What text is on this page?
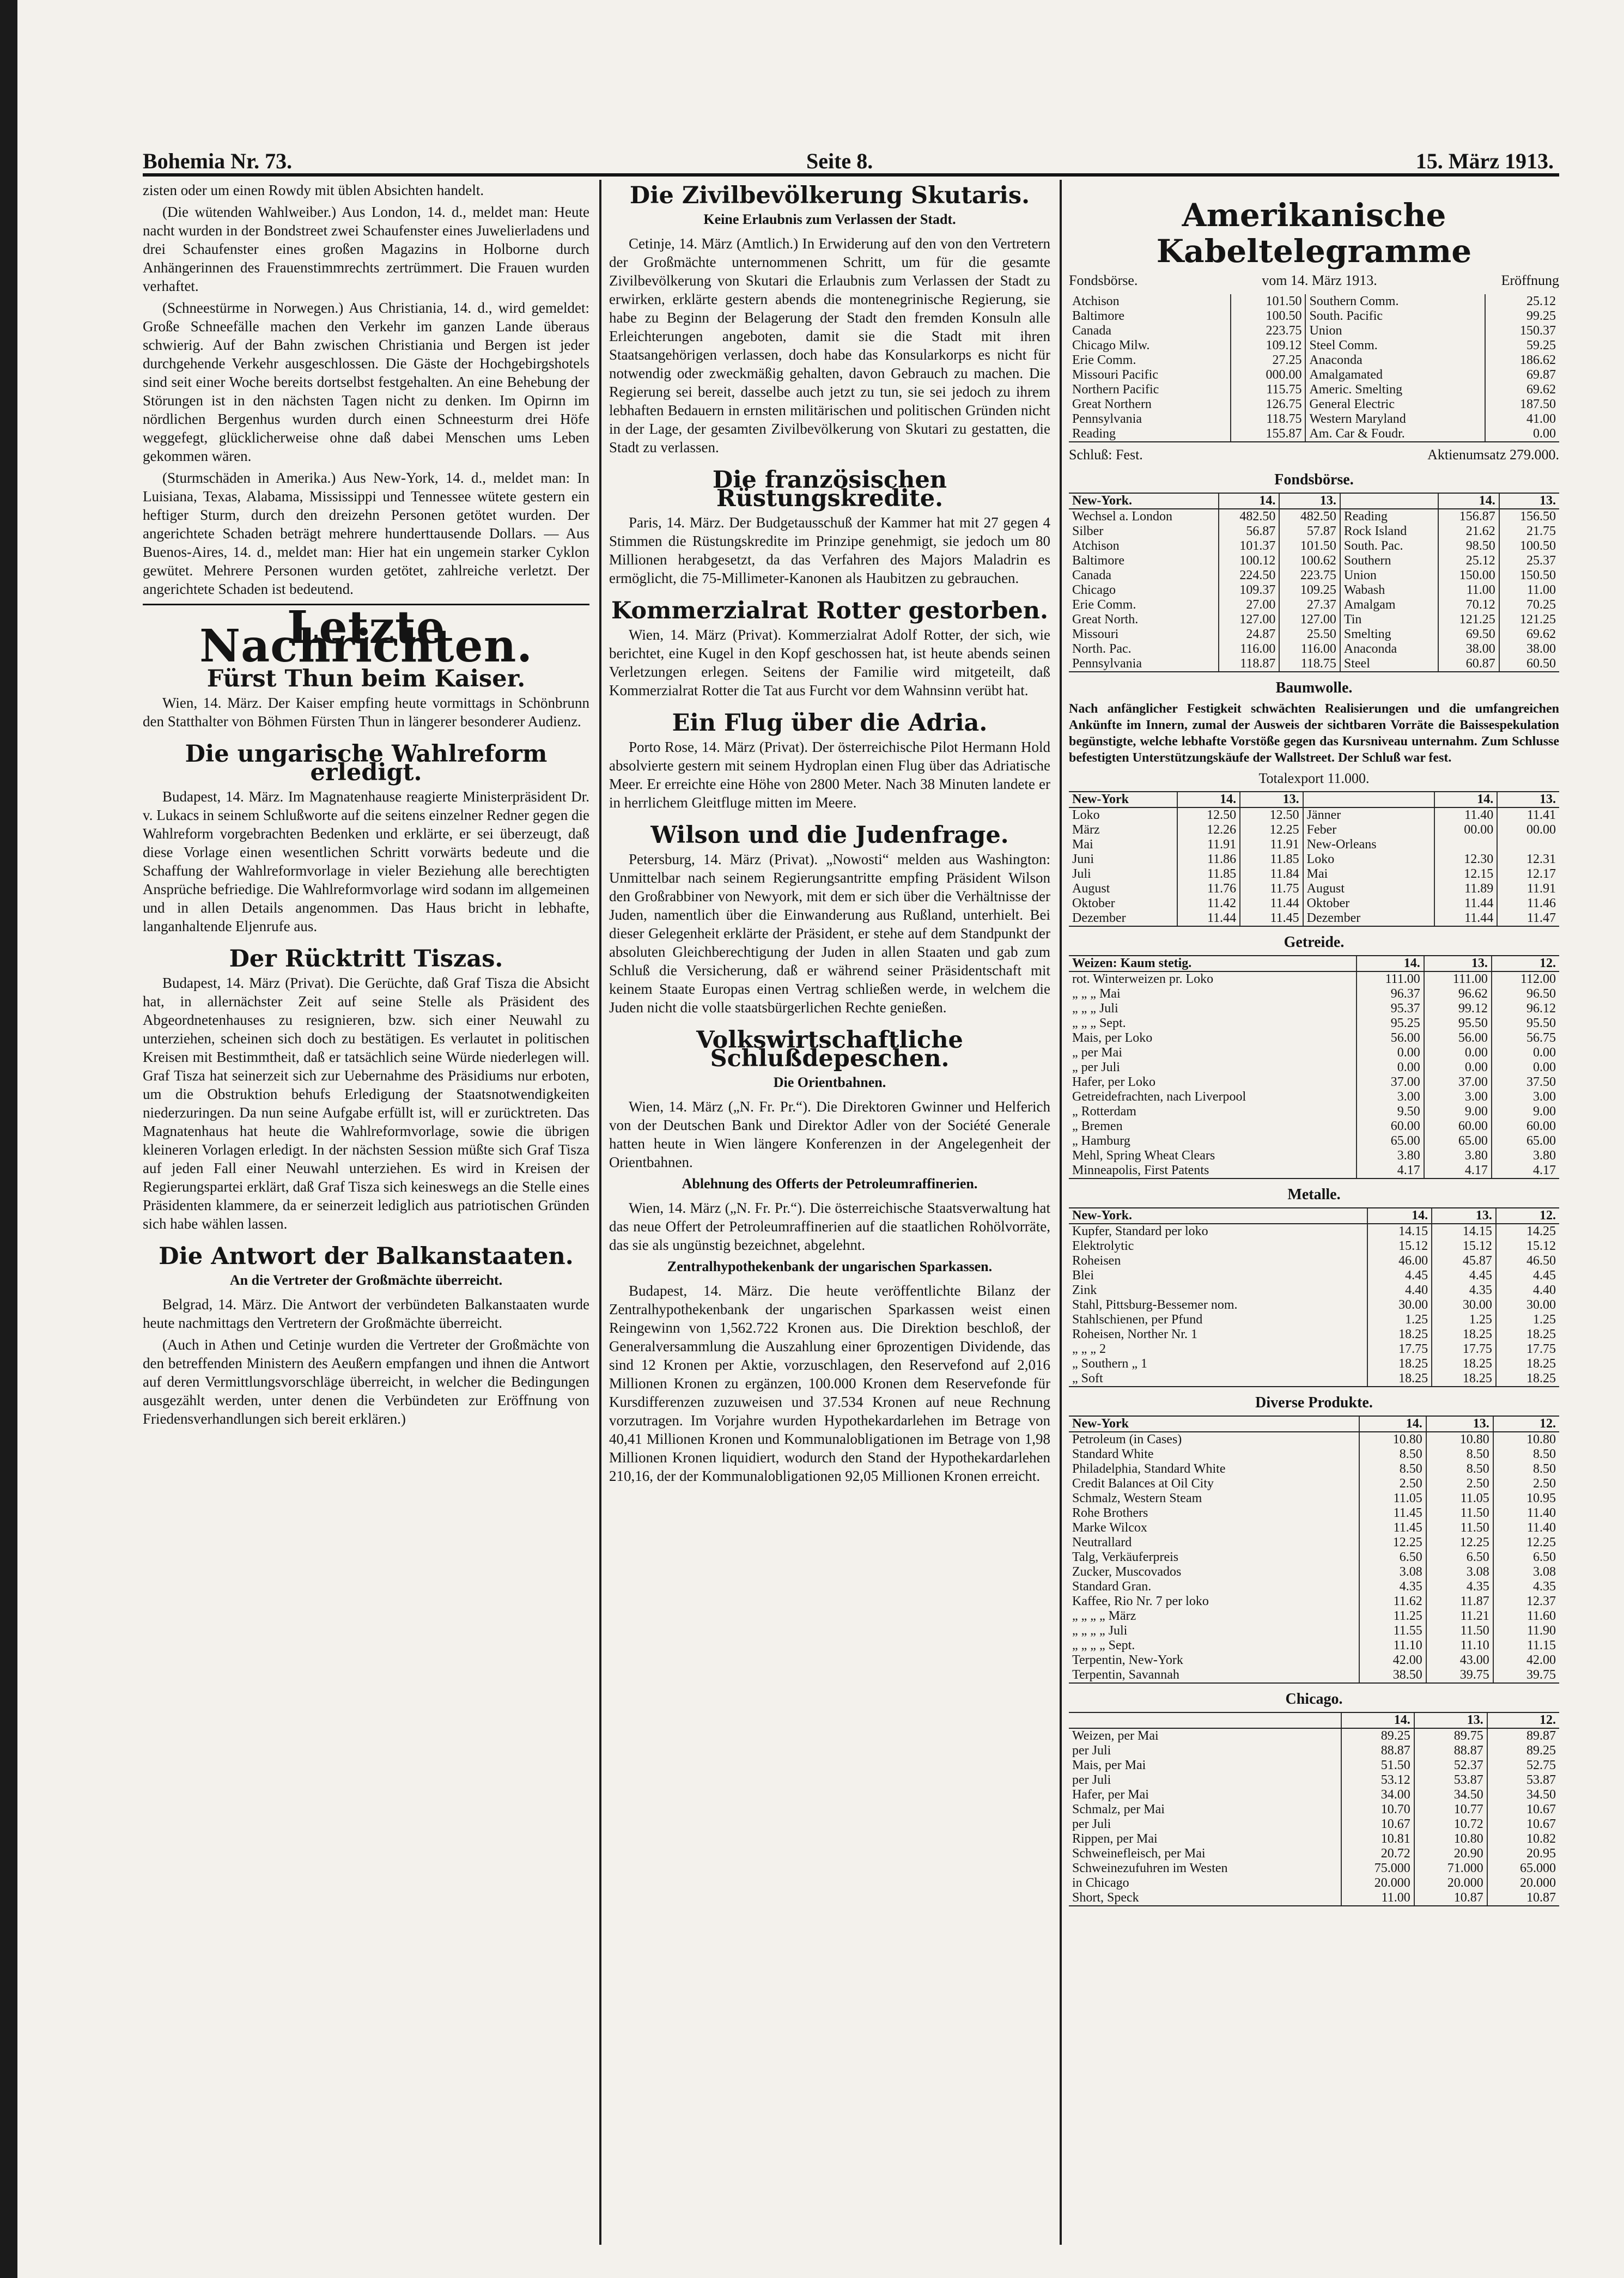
Bohemia Nr. 73.	Seite 8.	15. März 1913.

zisten oder um einen Rowdy mit üblen Absichten handelt.

(Die wütenden Wahlweiber.) Aus London, 14. d., meldet man: Heute nacht wurden in der Bondstreet zwei Schaufenster eines Juwelierladens und drei Schaufenster eines großen Magazins in Holborne durch Anhängerinnen des Frauenstimmrechts zertrümmert. Die Frauen wurden verhaftet.

(Schneestürme in Norwegen.) Aus Christiania, 14. d., wird gemeldet: Große Schneefälle machen den Verkehr im ganzen Lande überaus schwierig. Auf der Bahn zwischen Christiania und Bergen ist jeder durchgehende Verkehr ausgeschlossen. Die Gäste der Hochgebirgshotels sind seit einer Woche bereits dortselbst festgehalten. An eine Behebung der Störungen ist in den nächsten Tagen nicht zu denken. Im Opirnn im nördlichen Bergenhus wurden durch einen Schneesturm drei Höfe weggefegt, glücklicherweise ohne daß dabei Menschen ums Leben gekommen wären.

(Sturmschäden in Amerika.) Aus New-York, 14. d., meldet man: In Luisiana, Texas, Alabama, Mississippi und Tennessee wütete gestern ein heftiger Sturm, durch den dreizehn Personen getötet wurden. Der angerichtete Schaden beträgt mehrere hunderttausende Dollars. — Aus Buenos-Aires, 14. d., meldet man: Hier hat ein ungemein starker Cyklon gewütet. Mehrere Personen wurden getötet, zahlreiche verletzt. Der angerichtete Schaden ist bedeutend.

Letzte Nachrichten.
Fürst Thun beim Kaiser.

Wien, 14. März. Der Kaiser empfing heute vormittags in Schönbrunn den Statthalter von Böhmen Fürsten Thun in längerer besonderer Audienz.

Die ungarische Wahlreform erledigt.

Budapest, 14. März. Im Magnatenhause reagierte Ministerpräsident Dr. v. Lukacs in seinem Schlußworte auf die seitens einzelner Redner gegen die Wahlreform vorgebrachten Bedenken und erklärte, er sei überzeugt, daß diese Vorlage einen wesentlichen Schritt vorwärts bedeute und die Schaffung der Wahlreformvorlage in vieler Beziehung alle berechtigten Ansprüche befriedige. Die Wahlreformvorlage wird sodann im allgemeinen und in allen Details angenommen. Das Haus bricht in lebhafte, langanhaltende Eljenrufe aus.

Der Rücktritt Tiszas.

Budapest, 14. März (Privat). Die Gerüchte, daß Graf Tisza die Absicht hat, in allernächster Zeit auf seine Stelle als Präsident des Abgeordnetenhauses zu resignieren, bzw. sich einer Neuwahl zu unterziehen, scheinen sich doch zu bestätigen. Es verlautet in politischen Kreisen mit Bestimmtheit, daß er tatsächlich seine Würde niederlegen will. Graf Tisza hat seinerzeit sich zur Uebernahme des Präsidiums nur erboten, um die Obstruktion behufs Erledigung der Staatsnotwendigkeiten niederzuringen. Da nun seine Aufgabe erfüllt ist, will er zurücktreten. Das Magnatenhaus hat heute die Wahlreformvorlage, sowie die übrigen kleineren Vorlagen erledigt. In der nächsten Session müßte sich Graf Tisza auf jeden Fall einer Neuwahl unterziehen. Es wird in Kreisen der Regierungspartei erklärt, daß Graf Tisza sich keineswegs an die Stelle eines Präsidenten klammere, da er seinerzeit lediglich aus patriotischen Gründen sich habe wählen lassen.

Die Antwort der Balkanstaaten.
An die Vertreter der Großmächte überreicht.

Belgrad, 14. März. Die Antwort der verbündeten Balkanstaaten wurde heute nachmittags den Vertretern der Großmächte überreicht.

(Auch in Athen und Cetinje wurden die Vertreter der Großmächte von den betreffenden Ministern des Aeußern empfangen und ihnen die Antwort auf deren Vermittlungsvorschläge überreicht, in welcher die Bedingungen ausgezählt werden, unter denen die Verbündeten zur Eröffnung von Friedensverhandlungen sich bereit erklären.)

Die Zivilbevölkerung Skutaris.
Keine Erlaubnis zum Verlassen der Stadt.

Cetinje, 14. März (Amtlich.) In Erwiderung auf den von den Vertretern der Großmächte unternommenen Schritt, um für die gesamte Zivilbevölkerung von Skutari die Erlaubnis zum Verlassen der Stadt zu erwirken, erklärte gestern abends die montenegrinische Regierung, sie habe zu Beginn der Belagerung der Stadt den fremden Konsuln alle Erleichterungen angeboten, damit sie die Stadt mit ihren Staatsangehörigen verlassen, doch habe das Konsularkorps es nicht für notwendig oder zweckmäßig gehalten, davon Gebrauch zu machen. Die Regierung sei bereit, dasselbe auch jetzt zu tun, sie sei jedoch zu ihrem lebhaften Bedauern in ernsten militärischen und politischen Gründen nicht in der Lage, der gesamten Zivilbevölkerung von Skutari zu gestatten, die Stadt zu verlassen.

Die französischen Rüstungskredite.

Paris, 14. März. Der Budgetausschuß der Kammer hat mit 27 gegen 4 Stimmen die Rüstungskredite im Prinzipe genehmigt, sie jedoch um 80 Millionen herabgesetzt, da das Verfahren des Majors Maladrin es ermöglicht, die 75-Millimeter-Kanonen als Haubitzen zu gebrauchen.

Kommerzialrat Rotter gestorben.

Wien, 14. März (Privat). Kommerzialrat Adolf Rotter, der sich, wie berichtet, eine Kugel in den Kopf geschossen hat, ist heute abends seinen Verletzungen erlegen. Seitens der Familie wird mitgeteilt, daß Kommerzialrat Rotter die Tat aus Furcht vor dem Wahnsinn verübt hat.

Ein Flug über die Adria.

Porto Rose, 14. März (Privat). Der österreichische Pilot Hermann Hold absolvierte gestern mit seinem Hydroplan einen Flug über das Adriatische Meer. Er erreichte eine Höhe von 2800 Meter. Nach 38 Minuten landete er in herrlichem Gleitfluge mitten im Meere.

Wilson und die Judenfrage.

Petersburg, 14. März (Privat). „Nowosti“ melden aus Washington: Unmittelbar nach seinem Regierungsantritte empfing Präsident Wilson den Großrabbiner von Newyork, mit dem er sich über die Verhältnisse der Juden, namentlich über die Einwanderung aus Rußland, unterhielt. Bei dieser Gelegenheit erklärte der Präsident, er stehe auf dem Standpunkt der absoluten Gleichberechtigung der Juden in allen Staaten und gab zum Schluß die Versicherung, daß er während seiner Präsidentschaft mit keinem Staate Europas einen Vertrag schließen werde, in welchem die Juden nicht die volle staatsbürgerlichen Rechte genießen.

Volkswirtschaftliche Schlußdepeschen.
Die Orientbahnen.

Wien, 14. März („N. Fr. Pr.“). Die Direktoren Gwinner und Helferich von der Deutschen Bank und Direktor Adler von der Société Generale hatten heute in Wien längere Konferenzen in der Angelegenheit der Orientbahnen.

Ablehnung des Offerts der Petroleumraffinerien.

Wien, 14. März („N. Fr. Pr.“). Die österreichische Staatsverwaltung hat das neue Offert der Petroleumraffinerien auf die staatlichen Rohölvorräte, das sie als ungünstig bezeichnet, abgelehnt.

Zentralhypothekenbank der ungarischen Sparkassen.

Budapest, 14. März. Die heute veröffentlichte Bilanz der Zentralhypothekenbank der ungarischen Sparkassen weist einen Reingewinn von 1,562.722 Kronen aus. Die Direktion beschloß, der Generalversammlung die Auszahlung einer 6prozentigen Dividende, das sind 12 Kronen per Aktie, vorzuschlagen, den Reservefond auf 2,016 Millionen Kronen zu ergänzen, 100.000 Kronen dem Reservefonde für Kursdifferenzen zuzuweisen und 37.534 Kronen auf neue Rechnung vorzutragen. Im Vorjahre wurden Hypothekardarlehen im Betrage von 40,41 Millionen Kronen und Kommunalobligationen im Betrage von 1,98 Millionen Kronen liquidiert, wodurch den Stand der Hypothekardarlehen 210,16, der der Kommunalobligationen 92,05 Millionen Kronen erreicht.

Amerikanische Kabeltelegramme
Fondsbörse.	vom 14. März 1913.	Eröffnung
Atchison	101.50	Southern Comm.	25.12
Baltimore	100.50	South. Pacific	99.25
Canada	223.75	Union	150.37
Chicago Milw.	109.12	Steel Comm.	59.25
Erie Comm.	27.25	Anaconda	186.62
Missouri Pacific	000.00	Amalgamated	69.87
Northern Pacific	115.75	Americ. Smelting	69.62
Great Northern	126.75	General Electric	187.50
Pennsylvania	118.75	Western Maryland	41.00
Reading	155.87	Am. Car & Foudr.	0.00
Schluß: Fest.	Aktienumsatz 279.000.
Fondsbörse.
New-York.	14.	13.		14.	13.
Wechsel a. London	482.50	482.50	Reading	156.87	156.50
Silber	56.87	57.87	Rock Island	21.62	21.75
Atchison	101.37	101.50	South. Pac.	98.50	100.50
Baltimore	100.12	100.62	Southern	25.12	25.37
Canada	224.50	223.75	Union	150.00	150.50
Chicago	109.37	109.25	Wabash	11.00	11.00
Erie Comm.	27.00	27.37	Amalgam	70.12	70.25
Great North.	127.00	127.00	Tin	121.25	121.25
Missouri	24.87	25.50	Smelting	69.50	69.62
North. Pac.	116.00	116.00	Anaconda	38.00	38.00
Pennsylvania	118.87	118.75	Steel	60.87	60.50
Baumwolle.
Nach anfänglicher Festigkeit schwächten Realisierungen und die umfangreichen Ankünfte im Innern, zumal der Ausweis der sichtbaren Vorräte die Baissespekulation begünstigte, welche lebhafte Vorstöße gegen das Kursniveau unternahm. Zum Schlusse befestigten Unterstützungskäufe der Wallstreet. Der Schluß war fest.
Totalexport 11.000.
New-York	14.	13.		14.	13.
Loko	12.50	12.50	Jänner	11.40	11.41
März	12.26	12.25	Feber	00.00	00.00
Mai	11.91	11.91	New-Orleans		
Juni	11.86	11.85	Loko	12.30	12.31
Juli	11.85	11.84	Mai	12.15	12.17
August	11.76	11.75	August	11.89	11.91
Oktober	11.42	11.44	Oktober	11.44	11.46
Dezember	11.44	11.45	Dezember	11.44	11.47
Getreide.
Weizen: Kaum stetig.	14.	13.	12.
rot. Winterweizen pr. Loko	111.00	111.00	112.00
„ „ „ Mai	96.37	96.62	96.50
„ „ „ Juli	95.37	99.12	96.12
„ „ „ Sept.	95.25	95.50	95.50
Mais, per Loko	56.00	56.00	56.75
„ per Mai	0.00	0.00	0.00
„ per Juli	0.00	0.00	0.00
Hafer, per Loko	37.00	37.00	37.50
Getreidefrachten, nach Liverpool	3.00	3.00	3.00
„ Rotterdam	9.50	9.00	9.00
„ Bremen	60.00	60.00	60.00
„ Hamburg	65.00	65.00	65.00
Mehl, Spring Wheat Clears	3.80	3.80	3.80
Minneapolis, First Patents	4.17	4.17	4.17
Metalle.
New-York.	14.	13.	12.
Kupfer, Standard per loko	14.15	14.15	14.25
Elektrolytic	15.12	15.12	15.12
Roheisen	46.00	45.87	46.50
Blei	4.45	4.45	4.45
Zink	4.40	4.35	4.40
Stahl, Pittsburg-Bessemer nom.	30.00	30.00	30.00
Stahlschienen, per Pfund	1.25	1.25	1.25
Roheisen, Norther Nr. 1	18.25	18.25	18.25
„ „ „ 2	17.75	17.75	17.75
„ Southern „ 1	18.25	18.25	18.25
„ Soft	18.25	18.25	18.25
Diverse Produkte.
New-York	14.	13.	12.
Petroleum (in Cases)	10.80	10.80	10.80
Standard White	8.50	8.50	8.50
Philadelphia, Standard White	8.50	8.50	8.50
Credit Balances at Oil City	2.50	2.50	2.50
Schmalz, Western Steam	11.05	11.05	10.95
Rohe Brothers	11.45	11.50	11.40
Marke Wilcox	11.45	11.50	11.40
Neutrallard	12.25	12.25	12.25
Talg, Verkäuferpreis	6.50	6.50	6.50
Zucker, Muscovados	3.08	3.08	3.08
Standard Gran.	4.35	4.35	4.35
Kaffee, Rio Nr. 7 per loko	11.62	11.87	12.37
„ „ „ „ März	11.25	11.21	11.60
„ „ „ „ Juli	11.55	11.50	11.90
„ „ „ „ Sept.	11.10	11.10	11.15
Terpentin, New-York	42.00	43.00	42.00
Terpentin, Savannah	38.50	39.75	39.75
Chicago.
	14.	13.	12.
Weizen, per Mai	89.25	89.75	89.87
per Juli	88.87	88.87	89.25
Mais, per Mai	51.50	52.37	52.75
per Juli	53.12	53.87	53.87
Hafer, per Mai	34.00	34.50	34.50
Schmalz, per Mai	10.70	10.77	10.67
per Juli	10.67	10.72	10.67
Rippen, per Mai	10.81	10.80	10.82
Schweinefleisch, per Mai	20.72	20.90	20.95
Schweinezufuhren im Westen	75.000	71.000	65.000
in Chicago	20.000	20.000	20.000
Short, Speck	11.00	10.87	10.87
